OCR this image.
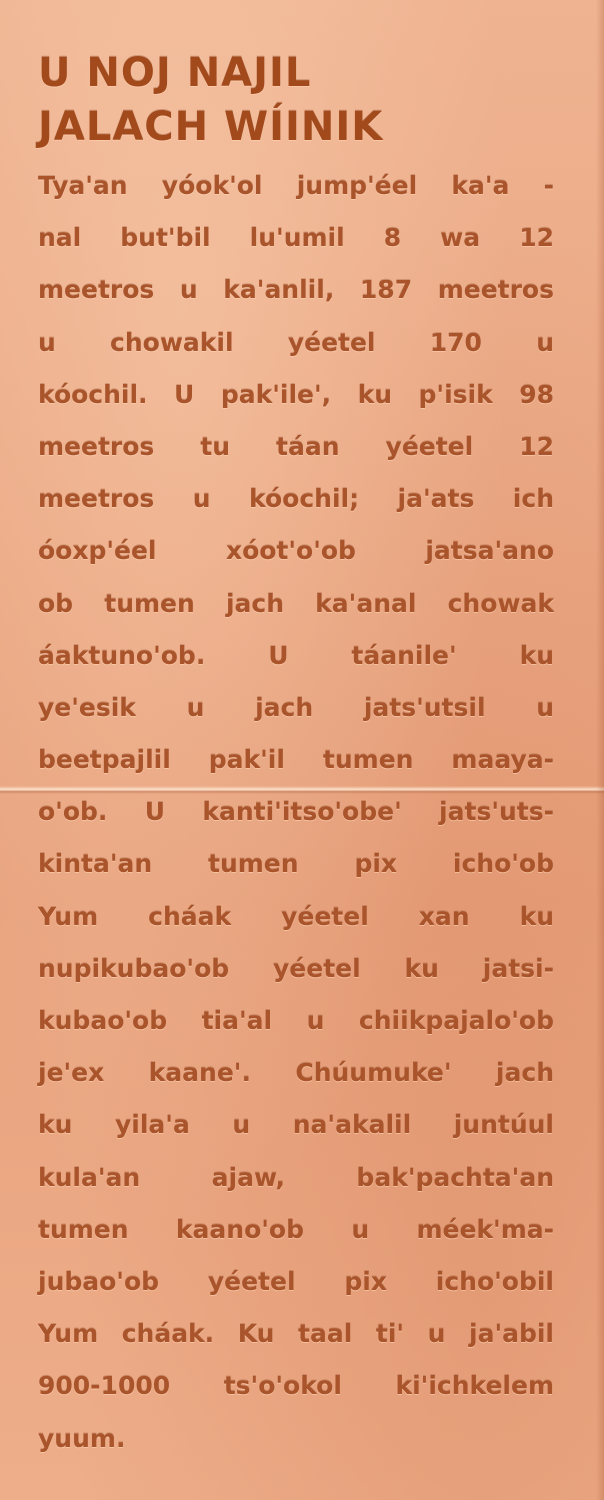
U NOJ NAJIL
JALACH WÍINIK
Tya'an yóok'ol jump'éel ka'a -
nal but'bil lu'umil 8 wa 12
meetros u ka'anlil, 187 meetros
u chowakil yéetel 170 u
kóochil. U pak'ile', ku p'isik 98
meetros tu táan yéetel 12
meetros u kóochil; ja'ats ich
óoxp'éel xóot'o'ob jatsa'ano
ob tumen jach ka'anal chowak
áaktuno'ob. U táanile' ku
ye'esik u jach jats'utsil u
beetpajlil pak'il tumen maaya-
o'ob. U kanti'itso'obe' jats'uts-
kinta'an tumen pix icho'ob
Yum cháak yéetel xan ku
nupikubao'ob yéetel ku jatsi-
kubao'ob tia'al u chiikpajalo'ob
je'ex kaane'. Chúumuke' jach
ku yila'a u na'akalil juntúul
kula'an ajaw, bak'pachta'an
tumen kaano'ob u méek'ma-
jubao'ob yéetel pix icho'obil
Yum cháak. Ku taal ti' u ja'abil
900-1000 ts'o'okol ki'ichkelem
yuum.
